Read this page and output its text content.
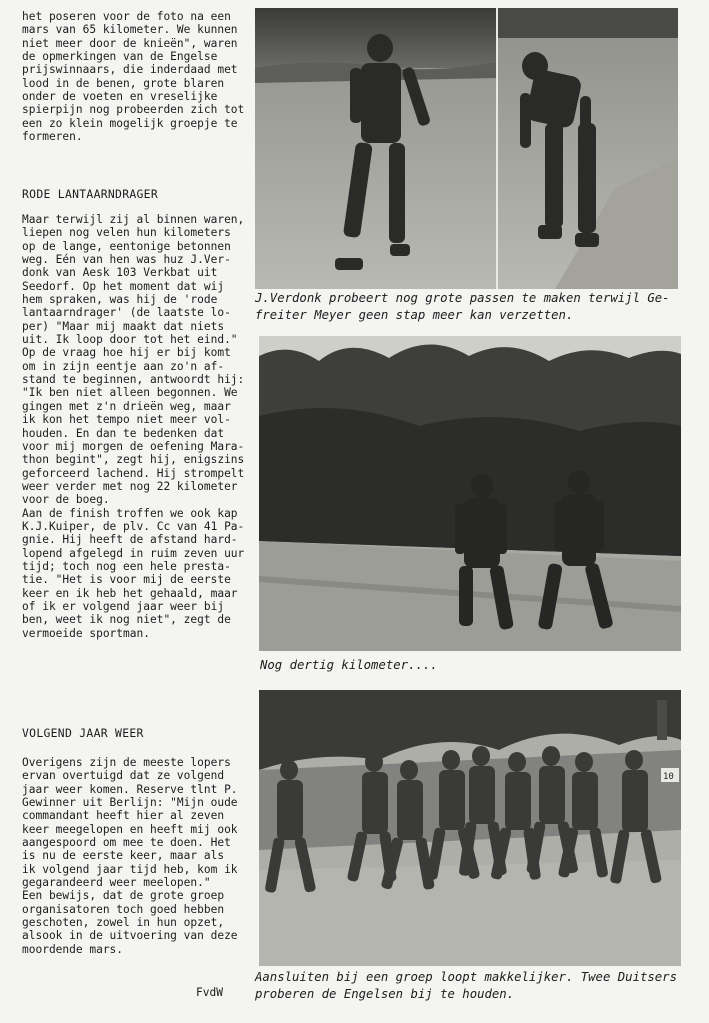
het poseren voor de foto na een
mars van 65 kilometer. We kunnen
niet meer door de knieën", waren
de opmerkingen van de Engelse
prijswinnaars, die inderdaad met
lood in de benen, grote blaren
onder de voeten en vreselijke
spierpijn nog probeerden zich tot
een zo klein mogelijk groepje te
formeren.

RODE LANTAARNDRAGER

Maar terwijl zij al binnen waren,
liepen nog velen hun kilometers
op de lange, eentonige betonnen
weg. Eén van hen was huz J.Ver-
donk van Aesk 103 Verkbat uit
Seedorf. Op het moment dat wij
hem spraken, was hij de 'rode
lantaarndrager' (de laatste lo-
per) "Maar mij maakt dat niets
uit. Ik loop door tot het eind."
Op de vraag hoe hij er bij komt
om in zijn eentje aan zo'n af-
stand te beginnen, antwoordt hij:
"Ik ben niet alleen begonnen. We
gingen met z'n drieën weg, maar
ik kon het tempo niet meer vol-
houden. En dan te bedenken dat
voor mij morgen de oefening Mara-
thon begint", zegt hij, enigszins
geforceerd lachend. Hij strompelt
weer verder met nog 22 kilometer
voor de boeg.
Aan de finish troffen we ook kap
K.J.Kuiper, de plv. Cc van 41 Pa-
gnie. Hij heeft de afstand hard-
lopend afgelegd in ruim zeven uur
tijd; toch nog een hele presta-
tie. "Het is voor mij de eerste
keer en ik heb het gehaald, maar
of ik er volgend jaar weer bij
ben, weet ik nog niet", zegt de
vermoeide sportman.

VOLGEND JAAR WEER

Overigens zijn de meeste lopers
ervan overtuigd dat ze volgend
jaar weer komen. Reserve tlnt P.
Gewinner uit Berlijn: "Mijn oude
commandant heeft hier al zeven
keer meegelopen en heeft mij ook
aangespoord om mee te doen. Het
is nu de eerste keer, maar als
ik volgend jaar tijd heb, kom ik
gegarandeerd weer meelopen."
Een bewijs, dat de grote groep
organisatoren toch goed hebben
geschoten, zowel in hun opzet,
alsook in de uitvoering van deze
moordende mars.

FvdW
J.Verdonk probeert nog grote passen te maken terwijl Ge-
freiter Meyer geen stap meer kan verzetten.
Nog dertig kilometer....
10
Aansluiten bij een groep loopt makkelijker. Twee Duitsers
proberen de Engelsen bij te houden.
